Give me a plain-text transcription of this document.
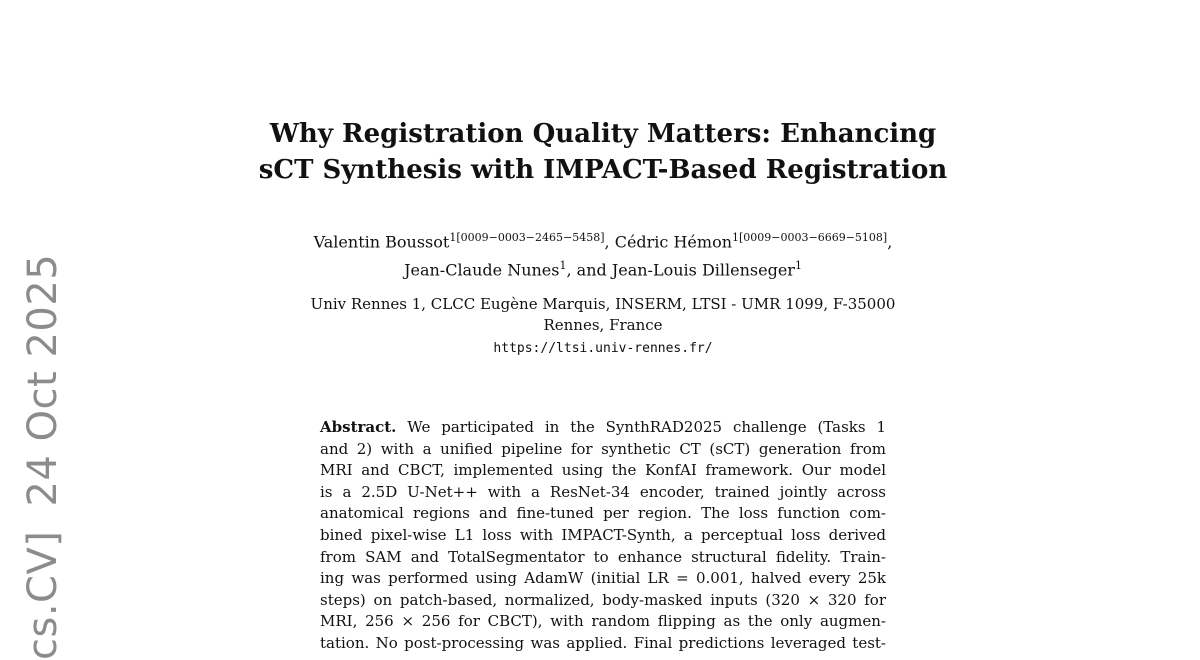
cs.CV]24 Oct 2025
Why Registration Quality Matters: Enhancing
sCT Synthesis with IMPACT-Based Registration
Valentin Boussot$^{1[0009-0003-2465-5458]}$, Cédric Hémon$^{1[0009-0003-6669-5108]}$,
Jean-Claude Nunes$^1$, and Jean-Louis Dillenseger$^1$
Univ Rennes 1, CLCC Eugène Marquis, INSERM, LTSI - UMR 1099, F-35000
Rennes, France
https://ltsi.univ-rennes.fr/
Abstract. We participated in the SynthRAD2025 challenge (Tasks 1
and 2) with a unified pipeline for synthetic CT (sCT) generation from
MRI and CBCT, implemented using the KonfAI framework. Our model
is a 2.5D U-Net++ with a ResNet-34 encoder, trained jointly across
anatomical regions and fine-tuned per region. The loss function com-
bined pixel-wise L1 loss with IMPACT-Synth, a perceptual loss derived
from SAM and TotalSegmentator to enhance structural fidelity. Train-
ing was performed using AdamW (initial LR = 0.001, halved every 25k
steps) on patch-based, normalized, body-masked inputs (320 × 320 for
MRI, 256 × 256 for CBCT), with random flipping as the only augmen-
tation. No post-processing was applied. Final predictions leveraged test-
